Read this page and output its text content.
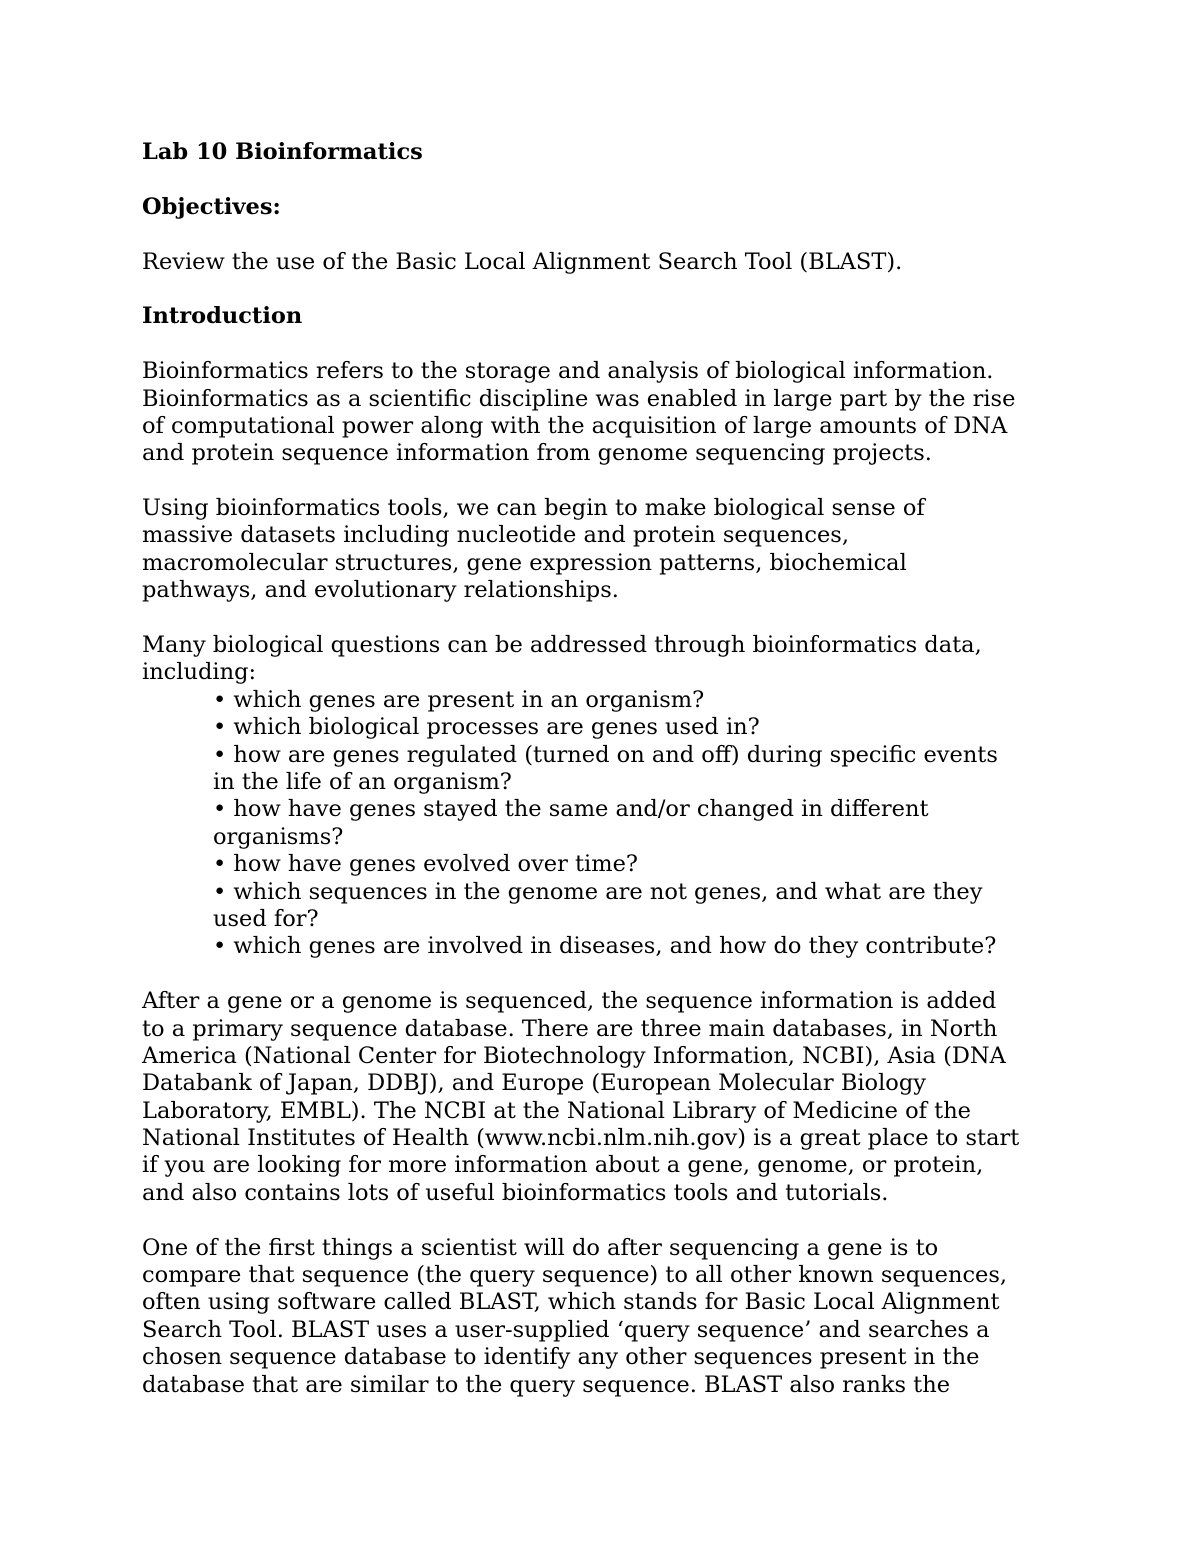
Lab 10 Bioinformatics
Objectives:
Review the use of the Basic Local Alignment Search Tool (BLAST).
Introduction
Bioinformatics refers to the storage and analysis of biological information.
Bioinformatics as a scientific discipline was enabled in large part by the rise
of computational power along with the acquisition of large amounts of DNA
and protein sequence information from genome sequencing projects.
Using bioinformatics tools, we can begin to make biological sense of
massive datasets including nucleotide and protein sequences,
macromolecular structures, gene expression patterns, biochemical
pathways, and evolutionary relationships.
Many biological questions can be addressed through bioinformatics data,
including:
• which genes are present in an organism?
• which biological processes are genes used in?
• how are genes regulated (turned on and off) during specific events
in the life of an organism?
• how have genes stayed the same and/or changed in different
organisms?
• how have genes evolved over time?
• which sequences in the genome are not genes, and what are they
used for?
• which genes are involved in diseases, and how do they contribute?
After a gene or a genome is sequenced, the sequence information is added
to a primary sequence database. There are three main databases, in North
America (National Center for Biotechnology Information, NCBI), Asia (DNA
Databank of Japan, DDBJ), and Europe (European Molecular Biology
Laboratory, EMBL). The NCBI at the National Library of Medicine of the
National Institutes of Health (www.ncbi.nlm.nih.gov) is a great place to start
if you are looking for more information about a gene, genome, or protein,
and also contains lots of useful bioinformatics tools and tutorials.
One of the first things a scientist will do after sequencing a gene is to
compare that sequence (the query sequence) to all other known sequences,
often using software called BLAST, which stands for Basic Local Alignment
Search Tool. BLAST uses a user-supplied ‘query sequence’ and searches a
chosen sequence database to identify any other sequences present in the
database that are similar to the query sequence. BLAST also ranks the
